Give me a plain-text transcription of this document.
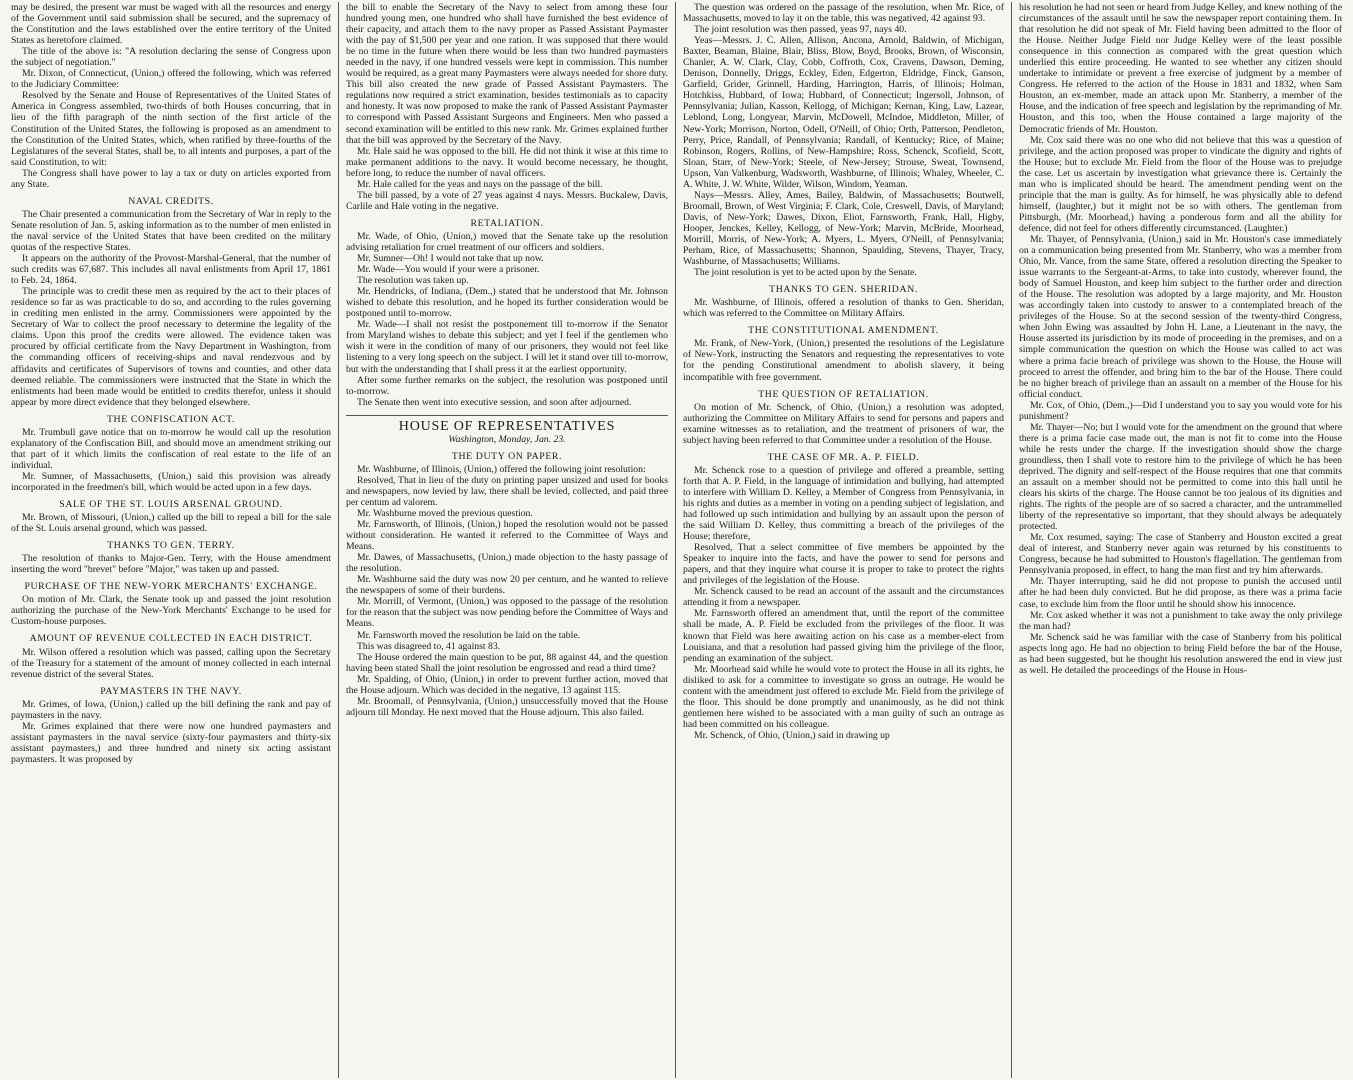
may be desired, the present war must be waged with all the resources and energy of the Government until said submission shall be secured, and the supremacy of the Constitution and the laws established over the entire territory of the United States as heretofore claimed.

The title of the above is: "A resolution declaring the sense of Congress upon the subject of negotiation."

Mr. Dixon, of Connecticut, (Union,) offered the following, which was referred to the Judiciary Committee:

Resolved by the Senate and House of Representatives of the United States of America in Congress assembled, two-thirds of both Houses concurring, that in lieu of the fifth paragraph of the ninth section of the first article of the Constitution of the United States, the following is proposed as an amendment to the Constitution of the United States, which, when ratified by three-fourths of the Legislatures of the several States, shall be, to all intents and purposes, a part of the said Constitution, to wit:

The Congress shall have power to lay a tax or duty on articles exported from any State.

NAVAL CREDITS.

The Chair presented a communication from the Secretary of War in reply to the Senate resolution of Jan. 5, asking information as to the number of men enlisted in the naval service of the United States that have been credited on the military quotas of the respective States.

It appears on the authority of the Provost-Marshal-General, that the number of such credits was 67,687. This includes all naval enlistments from April 17, 1861 to Feb. 24, 1864.

The principle was to credit these men as required by the act to their places of residence so far as was practicable to do so, and according to the rules governing in crediting men enlisted in the army. Commissioners were appointed by the Secretary of War to collect the proof necessary to determine the legality of the claims. Upon this proof the credits were allowed. The evidence taken was procured by official certificate from the Navy Department in Washington, from the commanding officers of receiving-ships and naval rendezvous and by affidavits and certificates of Supervisors of towns and counties, and other data deemed reliable. The commissioners were instructed that the State in which the enlistments had been made would be entitled to credits therefor, unless it should appear by more direct evidence that they belonged elsewhere.

THE CONFISCATION ACT.

Mr. Trumbull gave notice that on to-morrow he would call up the resolution explanatory of the Confiscation Bill, and should move an amendment striking out that part of it which limits the confiscation of real estate to the life of an individual.

Mr. Sumner, of Massachusetts, (Union,) said this provision was already incorporated in the freedmen's bill, which would be acted upon in a few days.

SALE OF THE ST. LOUIS ARSENAL GROUND.

Mr. Brown, of Missouri, (Union,) called up the bill to repeal a bill for the sale of the St. Louis arsenal ground, which was passed.

THANKS TO GEN. TERRY.

The resolution of thanks to Major-Gen. Terry, with the House amendment inserting the word "brevet" before "Major," was taken up and passed.

PURCHASE OF THE NEW-YORK MERCHANTS' EXCHANGE.

On motion of Mr. Clark, the Senate took up and passed the joint resolution authorizing the purchase of the New-York Merchants' Exchange to be used for Custom-house purposes.

AMOUNT OF REVENUE COLLECTED IN EACH DISTRICT.

Mr. Wilson offered a resolution which was passed, calling upon the Secretary of the Treasury for a statement of the amount of money collected in each internal revenue district of the several States.

PAYMASTERS IN THE NAVY.

Mr. Grimes, of Iowa, (Union,) called up the bill defining the rank and pay of paymasters in the navy.

Mr. Grimes explained that there were now one hundred paymasters and assistant paymasters in the naval service (sixty-four paymasters and thirty-six assistant paymasters,) and three hundred and ninety six acting assistant paymasters. It was proposed by

the bill to enable the Secretary of the Navy to select from among these four hundred young men, one hundred who shall have furnished the best evidence of their capacity, and attach them to the navy proper as Passed Assistant Paymaster with the pay of $1,500 per year and one ration. It was supposed that there would be no time in the future when there would be less than two hundred paymasters needed in the navy, if one hundred vessels were kept in commission. This number would be required, as a great many Paymasters were always needed for shore duty. This bill also created the new grade of Passed Assistant Paymasters. The regulations now required a strict examination, besides testimonials as to capacity and honesty. It was now proposed to make the rank of Passed Assistant Paymaster to correspond with Passed Assistant Surgeons and Engineers. Men who passed a second examination will be entitled to this new rank. Mr. Grimes explained further that the bill was approved by the Secretary of the Navy.

Mr. Hale said he was opposed to the bill. He did not think it wise at this time to make permanent additions to the navy. It would become necessary, he thought, before long, to reduce the number of naval officers.

Mr. Hale called for the yeas and nays on the passage of the bill.

The bill passed, by a vote of 27 yeas against 4 nays. Messrs. Buckalew, Davis, Carlile and Hale voting in the negative.

RETALIATION.

Mr. Wade, of Ohio, (Union,) moved that the Senate take up the resolution advising retaliation for cruel treatment of our officers and soldiers.

Mr. Sumner—Oh! I would not take that up now.

Mr. Wade—You would if your were a prisoner.

The resolution was taken up.

Mr. Hendricks, of Indiana, (Dem.,) stated that he understood that Mr. Johnson wished to debate this resolution, and he hoped its further consideration would be postponed until to-morrow.

Mr. Wade—I shall not resist the postponement till to-morrow if the Senator from Maryland wishes to debate this subject; and yet I feel if the gentlemen who wish it were in the condition of many of our prisoners, they would not feel like listening to a very long speech on the subject. I will let it stand over till to-morrow, but with the understanding that I shall press it at the earliest opportunity.

After some further remarks on the subject, the resolution was postponed until to-morrow.

The Senate then went into executive session, and soon after adjourned.

HOUSE OF REPRESENTATIVES
Washington, Monday, Jan. 23.
THE DUTY ON PAPER.

Mr. Washburne, of Illinois, (Union,) offered the following joint resolution:

Resolved, That in lieu of the duty on printing paper unsized and used for books and newspapers, now levied by law, there shall be levied, collected, and paid three per centum ad valorem.

Mr. Washburne moved the previous question.

Mr. Farnsworth, of Illinois, (Union,) hoped the resolution would not be passed without consideration. He wanted it referred to the Committee of Ways and Means.

Mr. Dawes, of Massachusetts, (Union,) made objection to the hasty passage of the resolution.

Mr. Washburne said the duty was now 20 per centum, and he wanted to relieve the newspapers of some of their burdens.

Mr. Morrill, of Vermont, (Union,) was opposed to the passage of the resolution for the reason that the subject was now pending before the Committee of Ways and Means.

Mr. Farnsworth moved the resolution be laid on the table.

This was disagreed to, 41 against 83.

The House ordered the main question to be put, 88 against 44, and the question having been stated Shall the joint resolution be engrossed and read a third time?

Mr. Spalding, of Ohio, (Union,) in order to prevent further action, moved that the House adjourn. Which was decided in the negative, 13 against 115.

Mr. Broomall, of Pennsylvania, (Union,) unsuccessfully moved that the House adjourn till Monday. He next moved that the House adjourn. This also failed.

The question was ordered on the passage of the resolution, when Mr. Rice, of Massachusetts, moved to lay it on the table, this was negatived, 42 against 93.

The joint resolution was then passed, yeas 97, nays 40.

Yeas—Messrs. J. C. Allen, Allison, Ancona, Arnold, Baldwin, of Michigan, Baxter, Beaman, Blaine, Blair, Bliss, Blow, Boyd, Brooks, Brown, of Wisconsin, Chanler, A. W. Clark, Clay, Cobb, Coffroth, Cox, Cravens, Dawson, Deming, Denison, Donnelly, Driggs, Eckley, Eden, Edgerton, Eldridge, Finck, Ganson, Garfield, Grider, Grinnell, Harding, Harrington, Harris, of Illinois; Holman, Hotchkiss, Hubbard, of Iowa; Hubbard, of Connecticut; Ingersoll, Johnson, of Pennsylvania; Julian, Kasson, Kellogg, of Michigan; Kernan, King, Law, Lazear, Leblond, Long, Longyear, Marvin, McDowell, McIndoe, Middleton, Miller, of New-York; Morrison, Norton, Odell, O'Neill, of Ohio; Orth, Patterson, Pendleton, Perry, Price, Randall, of Pennsylvania; Randall, of Kentucky; Rice, of Maine; Robinson, Rogers, Rollins, of New-Hampshire; Ross, Schenck, Scofield, Scott, Sloan, Starr, of New-York; Steele, of New-Jersey; Strouse, Sweat, Townsend, Upson, Van Valkenburg, Wadsworth, Washburne, of Illinois; Whaley, Wheeler, C. A. White, J. W. White, Wilder, Wilson, Windom, Yeaman.

Nays—Messrs. Alley, Ames, Bailey, Baldwin, of Massachusetts; Boutwell, Broomall, Brown, of West Virginia; F. Clark, Cole, Creswell, Davis, of Maryland; Davis, of New-York; Dawes, Dixon, Eliot, Farnsworth, Frank, Hall, Higby, Hooper, Jenckes, Kelley, Kellogg, of New-York; Marvin, McBride, Moorhead, Morrill, Morris, of New-York; A. Myers, L. Myers, O'Neill, of Pennsylvania; Perham, Rice, of Massachusetts; Shannon, Spaulding, Stevens, Thayer, Tracy, Washburne, of Massachusetts; Williams.

The joint resolution is yet to be acted upon by the Senate.

THANKS TO GEN. SHERIDAN.

Mr. Washburne, of Illinois, offered a resolution of thanks to Gen. Sheridan, which was referred to the Committee on Military Affairs.

THE CONSTITUTIONAL AMENDMENT.

Mr. Frank, of New-York, (Union,) presented the resolutions of the Legislature of New-York, instructing the Senators and requesting the representatives to vote for the pending Constitutional amendment to abolish slavery, it being incompatible with free government.

THE QUESTION OF RETALIATION.

On motion of Mr. Schenck, of Ohio, (Union,) a resolution was adopted, authorizing the Committee on Military Affairs to send for persons and papers and examine witnesses as to retaliation, and the treatment of prisoners of war, the subject having been referred to that Committee under a resolution of the House.

THE CASE OF MR. A. P. FIELD.

Mr. Schenck rose to a question of privilege and offered a preamble, setting forth that A. P. Field, in the language of intimidation and bullying, had attempted to interfere with William D. Kelley, a Member of Congress from Pennsylvania, in his rights and duties as a member in voting on a pending subject of legislation, and had followed up such intimidation and bullying by an assault upon the person of the said William D. Kelley, thus committing a breach of the privileges of the House; therefore,

Resolved, That a select committee of five members be appointed by the Speaker to inquire into the facts, and have the power to send for persons and papers, and that they inquire what course it is proper to take to protect the rights and privileges of the legislation of the House.

Mr. Schenck caused to be read an account of the assault and the circumstances attending it from a newspaper.

Mr. Farnsworth offered an amendment that, until the report of the committee shall be made, A. P. Field be excluded from the privileges of the floor. It was known that Field was here awaiting action on his case as a member-elect from Louisiana, and that a resolution had passed giving him the privilege of the floor, pending an examination of the subject.

Mr. Moorhead said while he would vote to protect the House in all its rights, he disliked to ask for a committee to investigate so gross an outrage. He would be content with the amendment just offered to exclude Mr. Field from the privilege of the floor. This should be done promptly and unanimously, as he did not think gentlemen here wished to be associated with a man guilty of such an outrage as had been committed on his colleague.

Mr. Schenck, of Ohio, (Union,) said in drawing up

his resolution he had not seen or heard from Judge Kelley, and knew nothing of the circumstances of the assault until he saw the newspaper report containing them. In that resolution he did not speak of Mr. Field having been admitted to the floor of the House. Neither Judge Field nor Judge Kelley were of the least possible consequence in this connection as compared with the great question which underlied this entire proceeding. He wanted to see whether any citizen should undertake to intimidate or prevent a free exercise of judgment by a member of Congress. He referred to the action of the House in 1831 and 1832, when Sam Houston, an ex-member, made an attack upon Mr. Stanberry, a member of the House, and the indication of free speech and legislation by the reprimanding of Mr. Houston, and this too, when the House contained a large majority of the Democratic friends of Mr. Houston.

Mr. Cox said there was no one who did not believe that this was a question of privilege, and the action proposed was proper to vindicate the dignity and rights of the House; but to exclude Mr. Field from the floor of the House was to prejudge the case. Let us ascertain by investigation what grievance there is. Certainly the man who is implicated should be heard. The amendment pending went on the principle that the man is guilty. As for himself, he was physically able to defend himself, (laughter,) but it might not be so with others. The gentleman from Pittsburgh, (Mr. Moorhead,) having a ponderous form and all the ability for defence, did not feel for others differently circumstanced. (Laughter.)

Mr. Thayer, of Pennsylvania, (Union,) said in Mr. Houston's case immediately on a communication being presented from Mr. Stanberry, who was a member from Ohio, Mr. Vance, from the same State, offered a resolution directing the Speaker to issue warrants to the Sergeant-at-Arms, to take into custody, wherever found, the body of Samuel Houston, and keep him subject to the further order and direction of the House. The resolution was adopted by a large majority, and Mr. Houston was accordingly taken into custody to answer to a contemplated breach of the privileges of the House. So at the second session of the twenty-third Congress, when John Ewing was assaulted by John H. Lane, a Lieutenant in the navy, the House asserted its jurisdiction by its mode of proceeding in the premises, and on a simple communication the question on which the House was called to act was where a prima facie breach of privilege was shown to the House, the House will proceed to arrest the offender, and bring him to the bar of the House. There could be no higher breach of privilege than an assault on a member of the House for his official conduct.

Mr. Cox, of Ohio, (Dem.,)—Did I understand you to say you would vote for his punishment?

Mr. Thayer—No; but I would vote for the amendment on the ground that where there is a prima facie case made out, the man is not fit to come into the House while he rests under the charge. If the investigation should show the charge groundless, then I shall vote to restore him to the privilege of which he has been deprived. The dignity and self-respect of the House requires that one that commits an assault on a member should not be permitted to come into this hall until he clears his skirts of the charge. The House cannot be too jealous of its dignities and rights. The rights of the people are of so sacred a character, and the untrammelled liberty of the representative so important, that they should always be adequately protected.

Mr. Cox resumed, saying: The case of Stanberry and Houston excited a great deal of interest, and Stanberry never again was returned by his constituents to Congress, because he had submitted to Houston's flagellation. The gentleman from Pennsylvania proposed, in effect, to hang the man first and try him afterwards.

Mr. Thayer interrupting, said he did not propose to punish the accused until after he had been duly convicted. But he did propose, as there was a prima facie case, to exclude him from the floor until he should show his innocence.

Mr. Cox asked whether it was not a punishment to take away the only privilege the man had?

Mr. Schenck said he was familiar with the case of Stanberry from his political aspects long ago. He had no objection to bring Field before the bar of the House, as had been suggested, but he thought his resolution answered the end in view just as well. He detailed the proceedings of the House in Hous-
